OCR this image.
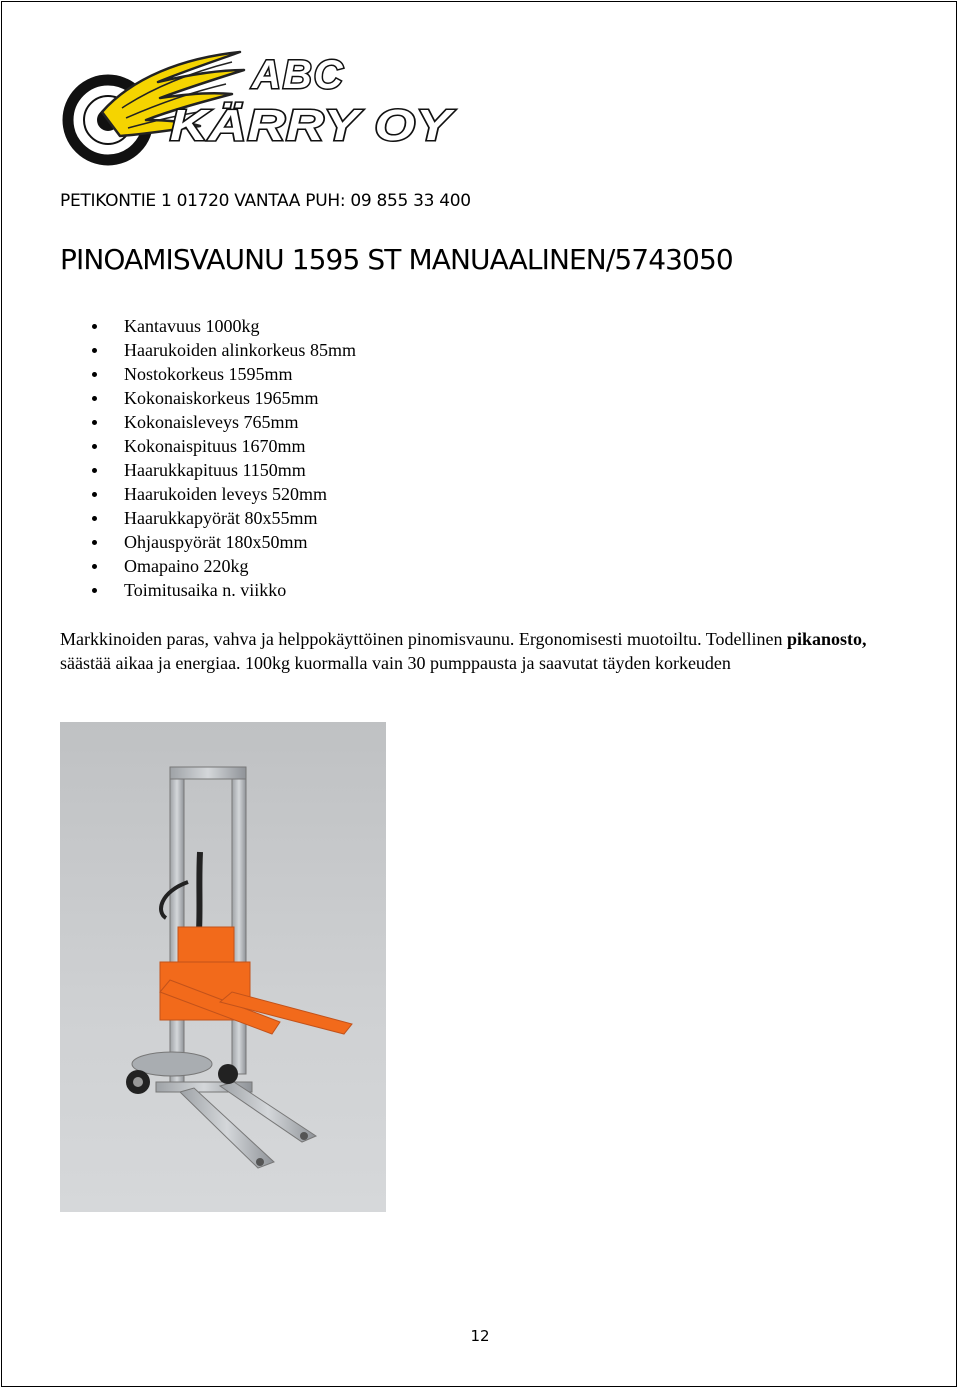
ABC
KÄRRY OY
PETIKONTIE 1 01720 VANTAA PUH: 09 855 33 400
PINOAMISVAUNU 1595 ST MANUAALINEN/5743050
Kantavuus 1000kg
Haarukoiden alinkorkeus 85mm
Nostokorkeus 1595mm
Kokonaiskorkeus 1965mm
Kokonaisleveys 765mm
Kokonaispituus 1670mm
Haarukkapituus 1150mm
Haarukoiden leveys 520mm
Haarukkapyörät 80x55mm
Ohjauspyörät 180x50mm
Omapaino 220kg
Toimitusaika n. viikko

Markkinoiden paras, vahva ja helppokäyttöinen pinomisvaunu. Ergonomisesti muotoiltu. Todellinen pikanosto, säästää aikaa ja energiaa. 100kg kuormalla vain 30 pumppausta ja saavutat täyden korkeuden

12
